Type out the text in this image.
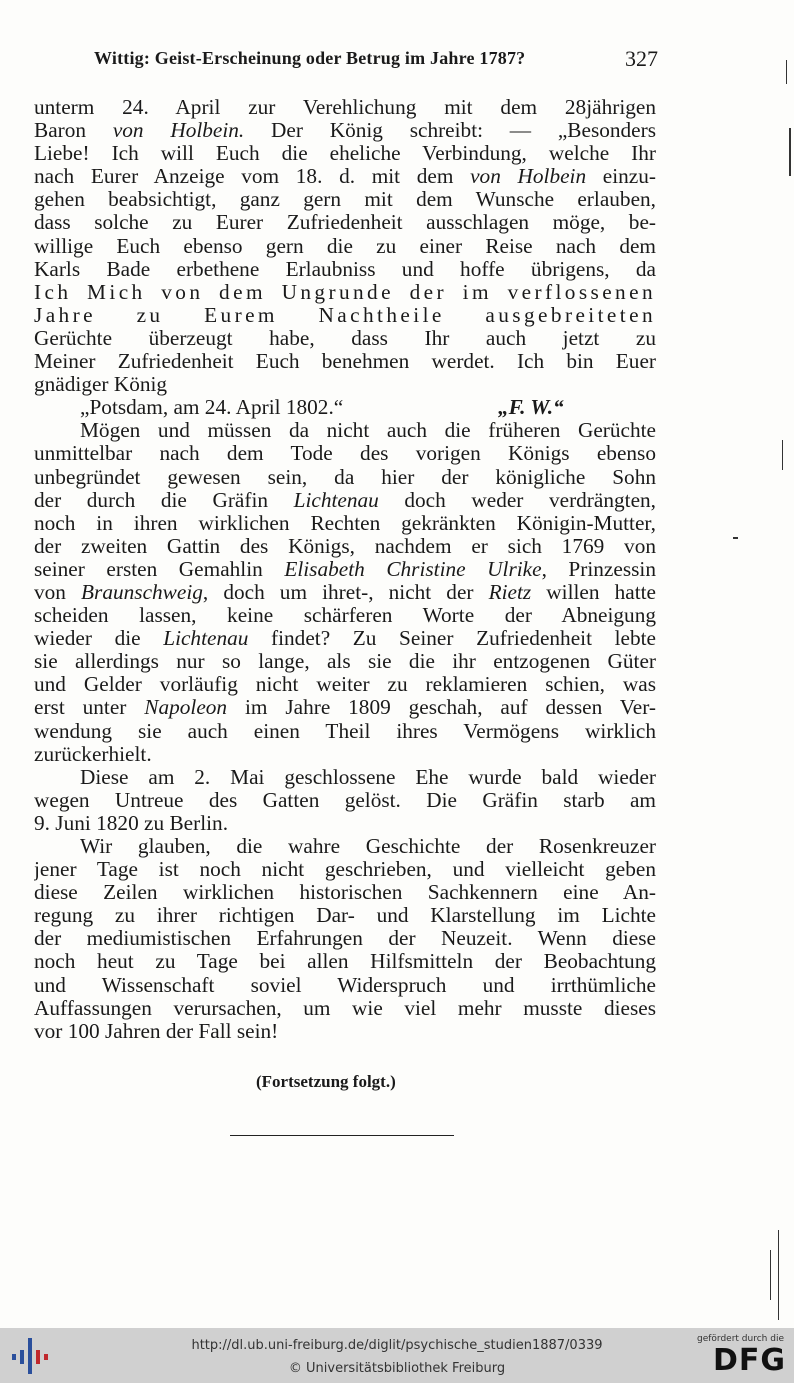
Wittig: Geist-Erscheinung oder Betrug im Jahre 1787?	327
unterm 24. April zur Verehlichung mit dem 28jährigen
Baron von Holbein. Der König schreibt: — „Besonders
Liebe! Ich will Euch die eheliche Verbindung, welche Ihr
nach Eurer Anzeige vom 18. d. mit dem von Holbein einzu-
gehen beabsichtigt, ganz gern mit dem Wunsche erlauben,
dass solche zu Eurer Zufriedenheit ausschlagen möge, be-
willige Euch ebenso gern die zu einer Reise nach dem
Karls Bade erbethene Erlaubniss und hoffe übrigens, da
Ich Mich von dem Ungrunde der im verflossenen
Jahre zu Eurem Nachtheile ausgebreiteten
Gerüchte überzeugt habe, dass Ihr auch jetzt zu
Meiner Zufriedenheit Euch benehmen werdet. Ich bin Euer
gnädiger König
„Potsdam, am 24. April 1802.“	„F. W.“
Mögen und müssen da nicht auch die früheren Gerüchte
unmittelbar nach dem Tode des vorigen Königs ebenso
unbegründet gewesen sein, da hier der königliche Sohn
der durch die Gräfin Lichtenau doch weder verdrängten,
noch in ihren wirklichen Rechten gekränkten Königin-Mutter,
der zweiten Gattin des Königs, nachdem er sich 1769 von
seiner ersten Gemahlin Elisabeth Christine Ulrike, Prinzessin
von Braunschweig, doch um ihret-, nicht der Rietz willen hatte
scheiden lassen, keine schärferen Worte der Abneigung
wieder die Lichtenau findet? Zu Seiner Zufriedenheit lebte
sie allerdings nur so lange, als sie die ihr entzogenen Güter
und Gelder vorläufig nicht weiter zu reklamieren schien, was
erst unter Napoleon im Jahre 1809 geschah, auf dessen Ver-
wendung sie auch einen Theil ihres Vermögens wirklich
zurückerhielt.
Diese am 2. Mai geschlossene Ehe wurde bald wieder
wegen Untreue des Gatten gelöst. Die Gräfin starb am
9. Juni 1820 zu Berlin.
Wir glauben, die wahre Geschichte der Rosenkreuzer
jener Tage ist noch nicht geschrieben, und vielleicht geben
diese Zeilen wirklichen historischen Sachkennern eine An-
regung zu ihrer richtigen Dar- und Klarstellung im Lichte
der mediumistischen Erfahrungen der Neuzeit. Wenn diese
noch heut zu Tage bei allen Hilfsmitteln der Beobachtung
und Wissenschaft soviel Widerspruch und irrthümliche
Auffassungen verursachen, um wie viel mehr musste dieses
vor 100 Jahren der Fall sein!
(Fortsetzung folgt.)
http://dl.ub.uni-freiburg.de/diglit/psychische_studien1887/0339
© Universitätsbibliothek Freiburg
gefördert durch die
DFG
